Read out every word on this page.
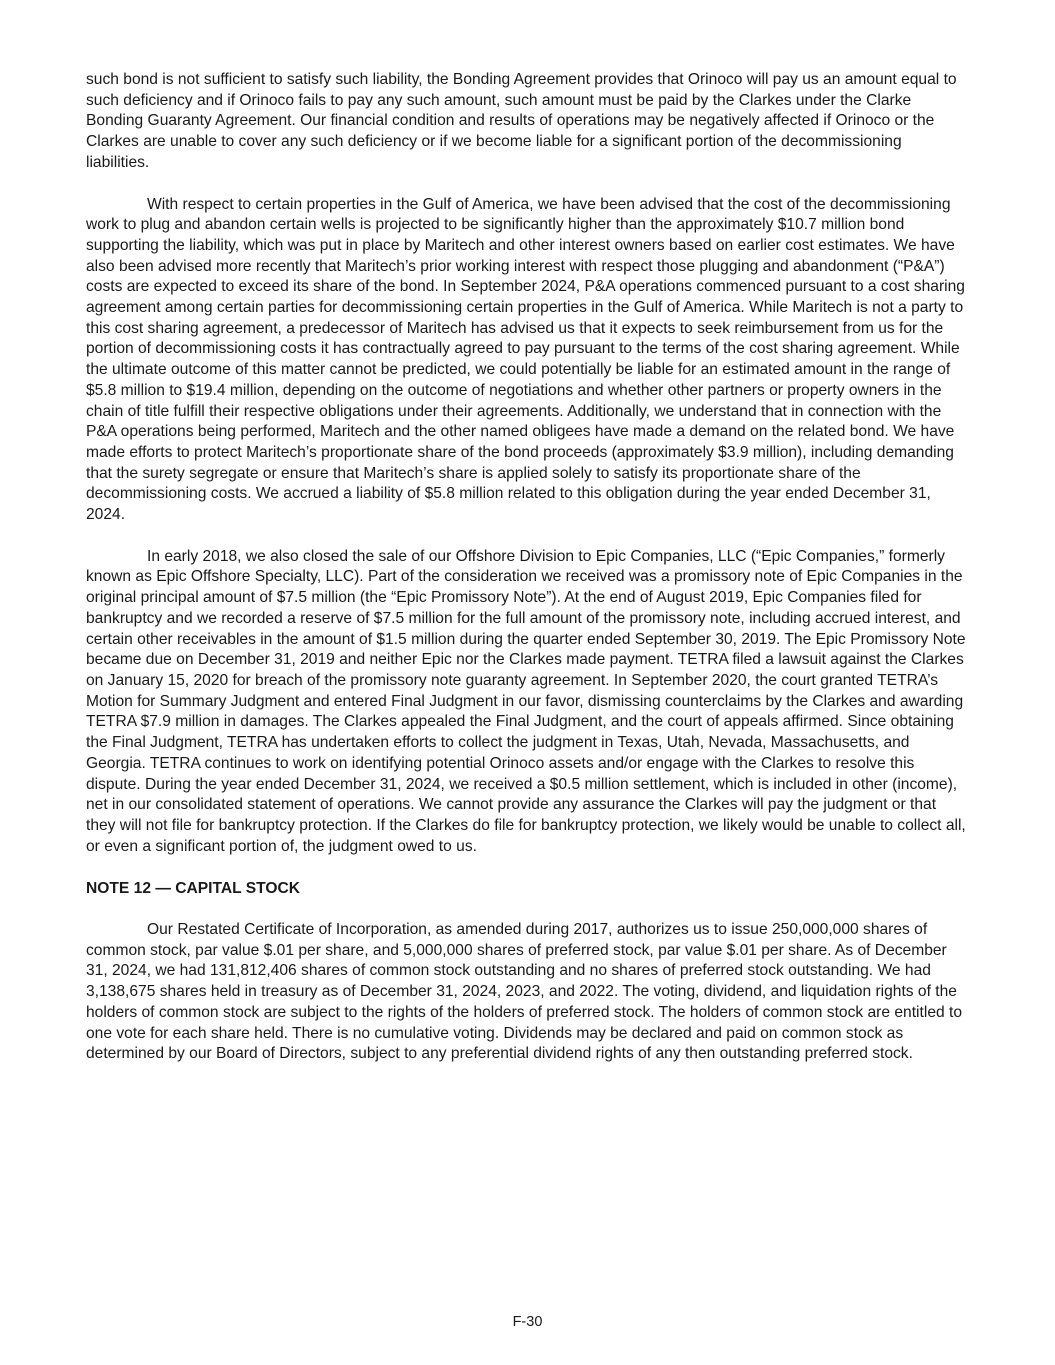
such bond is not sufficient to satisfy such liability, the Bonding Agreement provides that Orinoco will pay us an amount equal to such deficiency and if Orinoco fails to pay any such amount, such amount must be paid by the Clarkes under the Clarke Bonding Guaranty Agreement. Our financial condition and results of operations may be negatively affected if Orinoco or the Clarkes are unable to cover any such deficiency or if we become liable for a significant portion of the decommissioning liabilities.

With respect to certain properties in the Gulf of America, we have been advised that the cost of the decommissioning work to plug and abandon certain wells is projected to be significantly higher than the approximately $10.7 million bond supporting the liability, which was put in place by Maritech and other interest owners based on earlier cost estimates. We have also been advised more recently that Maritech’s prior working interest with respect those plugging and abandonment (“P&A”) costs are expected to exceed its share of the bond. In September 2024, P&A operations commenced pursuant to a cost sharing agreement among certain parties for decommissioning certain properties in the Gulf of America. While Maritech is not a party to this cost sharing agreement, a predecessor of Maritech has advised us that it expects to seek reimbursement from us for the portion of decommissioning costs it has contractually agreed to pay pursuant to the terms of the cost sharing agreement. While the ultimate outcome of this matter cannot be predicted, we could potentially be liable for an estimated amount in the range of $5.8 million to $19.4 million, depending on the outcome of negotiations and whether other partners or property owners in the chain of title fulfill their respective obligations under their agreements. Additionally, we understand that in connection with the P&A operations being performed, Maritech and the other named obligees have made a demand on the related bond. We have made efforts to protect Maritech’s proportionate share of the bond proceeds (approximately $3.9 million), including demanding that the surety segregate or ensure that Maritech’s share is applied solely to satisfy its proportionate share of the decommissioning costs. We accrued a liability of $5.8 million related to this obligation during the year ended December 31, 2024.

In early 2018, we also closed the sale of our Offshore Division to Epic Companies, LLC (“Epic Companies,” formerly known as Epic Offshore Specialty, LLC). Part of the consideration we received was a promissory note of Epic Companies in the original principal amount of $7.5 million (the “Epic Promissory Note”). At the end of August 2019, Epic Companies filed for bankruptcy and we recorded a reserve of $7.5 million for the full amount of the promissory note, including accrued interest, and certain other receivables in the amount of $1.5 million during the quarter ended September 30, 2019. The Epic Promissory Note became due on December 31, 2019 and neither Epic nor the Clarkes made payment. TETRA filed a lawsuit against the Clarkes on January 15, 2020 for breach of the promissory note guaranty agreement. In September 2020, the court granted TETRA’s Motion for Summary Judgment and entered Final Judgment in our favor, dismissing counterclaims by the Clarkes and awarding TETRA $7.9 million in damages. The Clarkes appealed the Final Judgment, and the court of appeals affirmed. Since obtaining the Final Judgment, TETRA has undertaken efforts to collect the judgment in Texas, Utah, Nevada, Massachusetts, and Georgia. TETRA continues to work on identifying potential Orinoco assets and/or engage with the Clarkes to resolve this dispute. During the year ended December 31, 2024, we received a $0.5 million settlement, which is included in other (income), net in our consolidated statement of operations. We cannot provide any assurance the Clarkes will pay the judgment or that they will not file for bankruptcy protection. If the Clarkes do file for bankruptcy protection, we likely would be unable to collect all, or even a significant portion of, the judgment owed to us.

NOTE 12 — CAPITAL STOCK

Our Restated Certificate of Incorporation, as amended during 2017, authorizes us to issue 250,000,000 shares of common stock, par value $.01 per share, and 5,000,000 shares of preferred stock, par value $.01 per share. As of December 31, 2024, we had 131,812,406 shares of common stock outstanding and no shares of preferred stock outstanding. We had 3,138,675 shares held in treasury as of December 31, 2024, 2023, and 2022. The voting, dividend, and liquidation rights of the holders of common stock are subject to the rights of the holders of preferred stock. The holders of common stock are entitled to one vote for each share held. There is no cumulative voting. Dividends may be declared and paid on common stock as determined by our Board of Directors, subject to any preferential dividend rights of any then outstanding preferred stock.

F-30
